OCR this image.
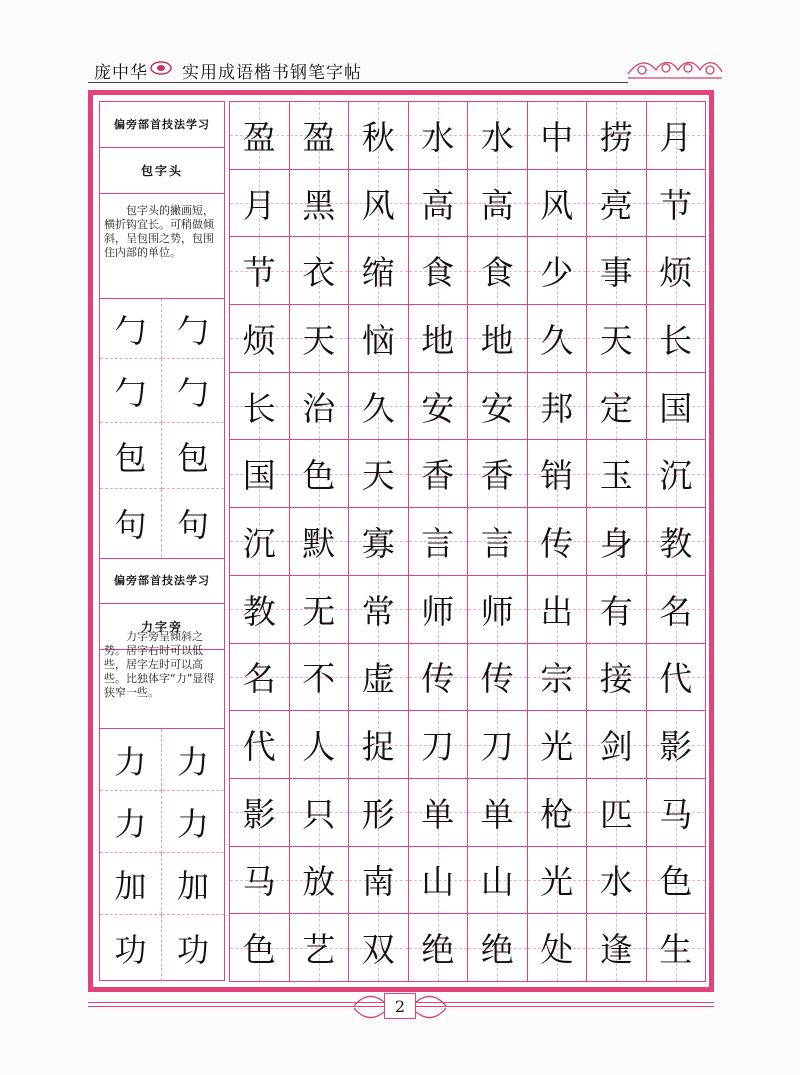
庞中华 实用成语楷书钢笔字帖
偏旁部首技法学习
包字头
包字头的撇画短，横折钩宜长。可稍做倾斜，呈包围之势，包围住内部的单位。
勹 勹
勹 勹
包 包
句 句
偏旁部首技法学习
力字旁
力字旁呈倾斜之势。居字右时可以低些，居字左时可以高些。比独体字“力”显得狭窄一些。
力 力
力 力
加 加
功 功
盈 盈 秋 水 水 中 捞 月
月 黑 风 高 高 风 亮 节
节 衣 缩 食 食 少 事 烦
烦 天 恼 地 地 久 天 长
长 治 久 安 安 邦 定 国
国 色 天 香 香 销 玉 沉
沉 默 寡 言 言 传 身 教
教 无 常 师 师 出 有 名
名 不 虚 传 传 宗 接 代
代 人 捉 刀 刀 光 剑 影
影 只 形 单 单 枪 匹 马
马 放 南 山 山 光 水 色
色 艺 双 绝 绝 处 逢 生
2
